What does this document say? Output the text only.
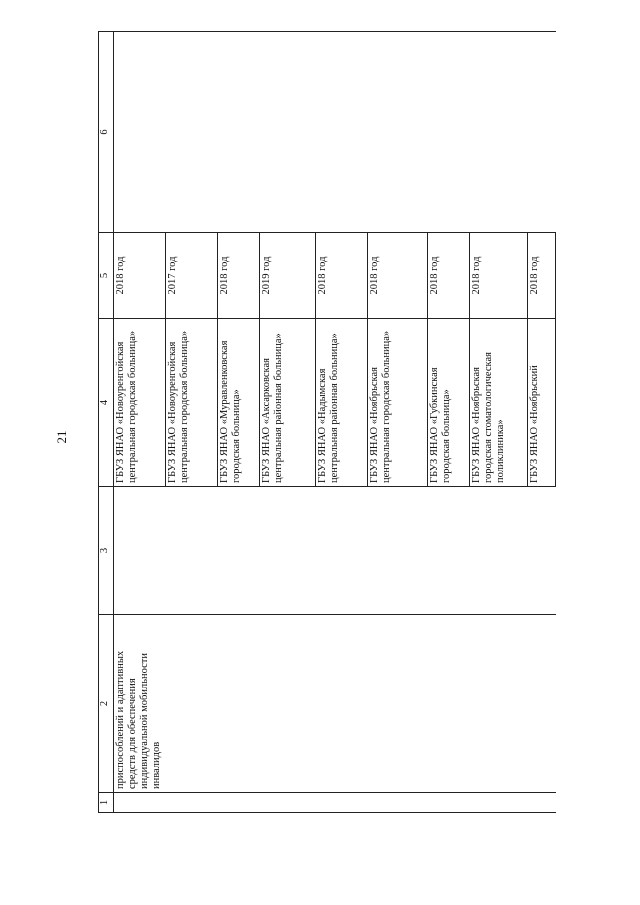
21
1	2	3	4	5	6
	приспособлений и адаптивных средств для обеспечения индивидуальной мобильности инвалидов		ГБУЗ ЯНАО «Новоуренгойская центральная городская больница»	2018 год	
			ГБУЗ ЯНАО «Новоуренгойская центральная городская больница»	2017 год	
			ГБУЗ ЯНАО «Муравленковская городская больница»	2018 год	
			ГБУЗ ЯНАО «Аксарковская центральная районная больница»	2019 год	
			ГБУЗ ЯНАО «Надымская центральная районная больница»	2018 год	
			ГБУЗ ЯНАО «Ноябрьская центральная городская больница»	2018 год	
			ГБУЗ ЯНАО «Губкинская городская больница»	2018 год	
			ГБУЗ ЯНАО «Ноябрьская городская стоматологическая поликлиника»	2018 год	
			ГБУЗ ЯНАО «Ноябрьский	2018 год	
